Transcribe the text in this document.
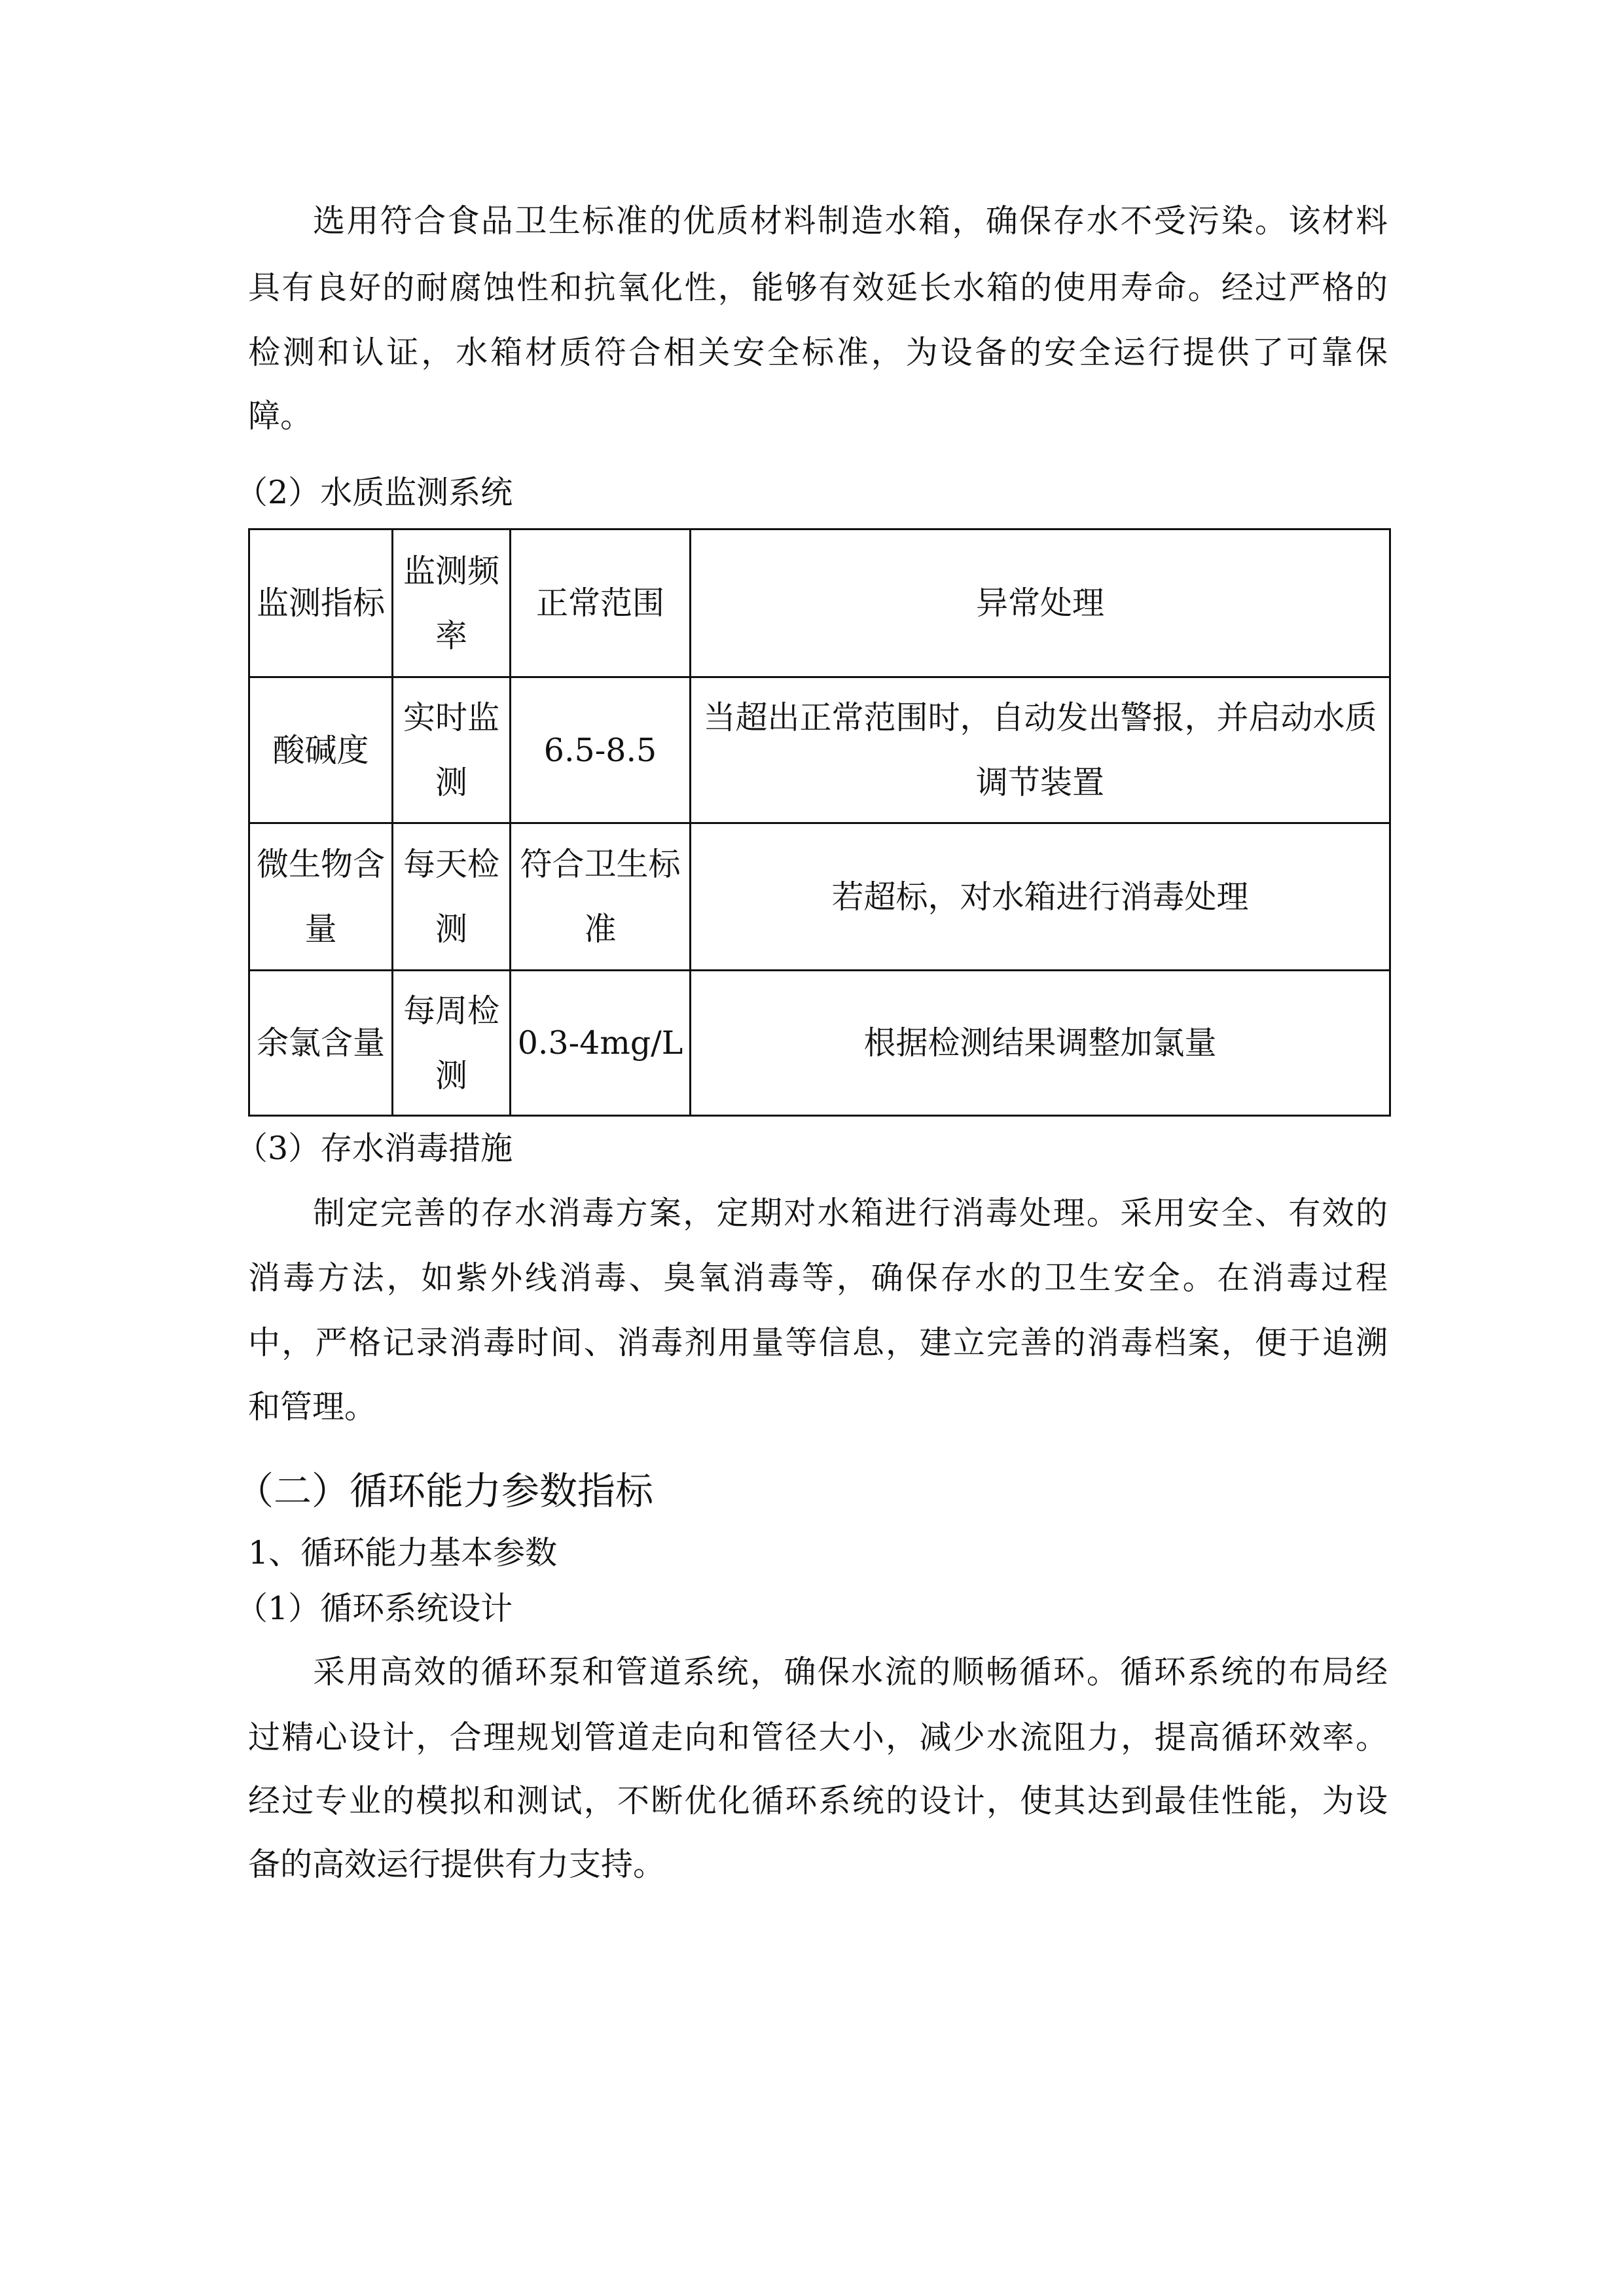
选用符合食品卫生标准的优质材料制造水箱，确保存水不受污染。该材料
具有良好的耐腐蚀性和抗氧化性，能够有效延长水箱的使用寿命。经过严格的
检测和认证，水箱材质符合相关安全标准，为设备的安全运行提供了可靠保
障。
（2）水质监测系统
监测指标	监测频率	正常范围	异常处理
酸碱度	实时监测	6.5-8.5	当超出正常范围时，自动发出警报，并启动水质调节装置
微生物含量	每天检测	符合卫生标准	若超标，对水箱进行消毒处理
余氯含量	每周检测	0.3-4mg/L	根据检测结果调整加氯量
（3）存水消毒措施
制定完善的存水消毒方案，定期对水箱进行消毒处理。采用安全、有效的
消毒方法，如紫外线消毒、臭氧消毒等，确保存水的卫生安全。在消毒过程
中，严格记录消毒时间、消毒剂用量等信息，建立完善的消毒档案，便于追溯
和管理。
（二）循环能力参数指标
1、循环能力基本参数
（1）循环系统设计
采用高效的循环泵和管道系统，确保水流的顺畅循环。循环系统的布局经
过精心设计，合理规划管道走向和管径大小，减少水流阻力，提高循环效率。
经过专业的模拟和测试，不断优化循环系统的设计，使其达到最佳性能，为设
备的高效运行提供有力支持。
